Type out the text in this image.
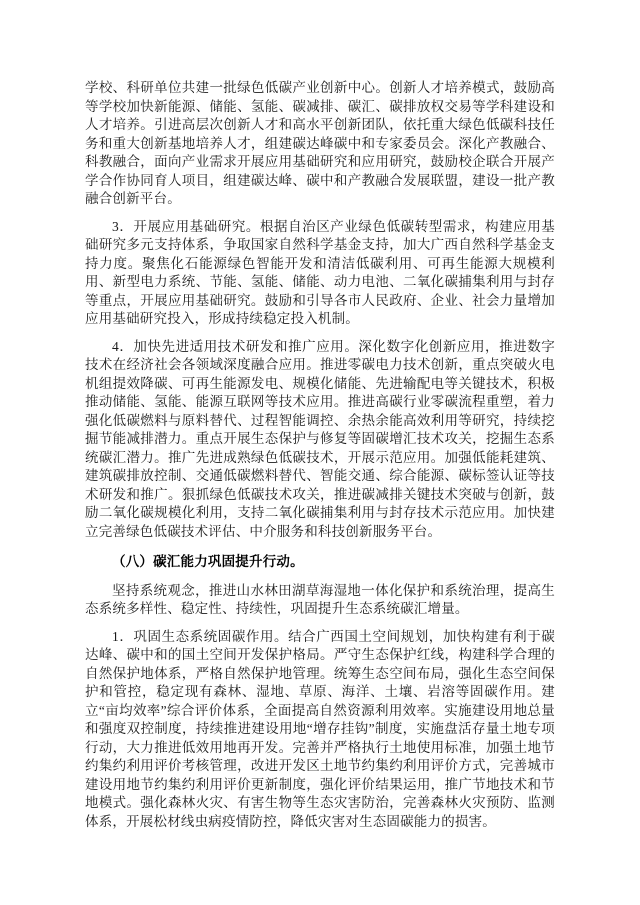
学校、科研单位共建一批绿色低碳产业创新中心。创新人才培养模式，鼓励高等学校加快新能源、储能、氢能、碳减排、碳汇、碳排放权交易等学科建设和人才培养。引进高层次创新人才和高水平创新团队，依托重大绿色低碳科技任务和重大创新基地培养人才，组建碳达峰碳中和专家委员会。深化产教融合、科教融合，面向产业需求开展应用基础研究和应用研究，鼓励校企联合开展产学合作协同育人项目，组建碳达峰、碳中和产教融合发展联盟，建设一批产教融合创新平台。

3．开展应用基础研究。根据自治区产业绿色低碳转型需求，构建应用基础研究多元支持体系，争取国家自然科学基金支持，加大广西自然科学基金支持力度。聚焦化石能源绿色智能开发和清洁低碳利用、可再生能源大规模利用、新型电力系统、节能、氢能、储能、动力电池、二氧化碳捕集利用与封存等重点，开展应用基础研究。鼓励和引导各市人民政府、企业、社会力量增加应用基础研究投入，形成持续稳定投入机制。

4．加快先进适用技术研发和推广应用。深化数字化创新应用，推进数字技术在经济社会各领域深度融合应用。推进零碳电力技术创新，重点突破火电机组提效降碳、可再生能源发电、规模化储能、先进输配电等关键技术，积极推动储能、氢能、能源互联网等技术应用。推进高碳行业零碳流程重塑，着力强化低碳燃料与原料替代、过程智能调控、余热余能高效利用等研究，持续挖掘节能减排潜力。重点开展生态保护与修复等固碳增汇技术攻关，挖掘生态系统碳汇潜力。推广先进成熟绿色低碳技术，开展示范应用。加强低能耗建筑、建筑碳排放控制、交通低碳燃料替代、智能交通、综合能源、碳标签认证等技术研发和推广。狠抓绿色低碳技术攻关，推进碳减排关键技术突破与创新，鼓励二氧化碳规模化利用，支持二氧化碳捕集利用与封存技术示范应用。加快建立完善绿色低碳技术评估、中介服务和科技创新服务平台。

（八）碳汇能力巩固提升行动。

坚持系统观念，推进山水林田湖草海湿地一体化保护和系统治理，提高生态系统多样性、稳定性、持续性，巩固提升生态系统碳汇增量。

1．巩固生态系统固碳作用。结合广西国土空间规划，加快构建有利于碳达峰、碳中和的国土空间开发保护格局。严守生态保护红线，构建科学合理的自然保护地体系，严格自然保护地管理。统筹生态空间布局，强化生态空间保护和管控，稳定现有森林、湿地、草原、海洋、土壤、岩溶等固碳作用。建立“亩均效率”综合评价体系，全面提高自然资源利用效率。实施建设用地总量和强度双控制度，持续推进建设用地“增存挂钩”制度，实施盘活存量土地专项行动，大力推进低效用地再开发。完善并严格执行土地使用标准，加强土地节约集约利用评价考核管理，改进开发区土地节约集约利用评价方式，完善城市建设用地节约集约利用评价更新制度，强化评价结果运用，推广节地技术和节地模式。强化森林火灾、有害生物等生态灾害防治，完善森林火灾预防、监测体系，开展松材线虫病疫情防控，降低灾害对生态固碳能力的损害。
